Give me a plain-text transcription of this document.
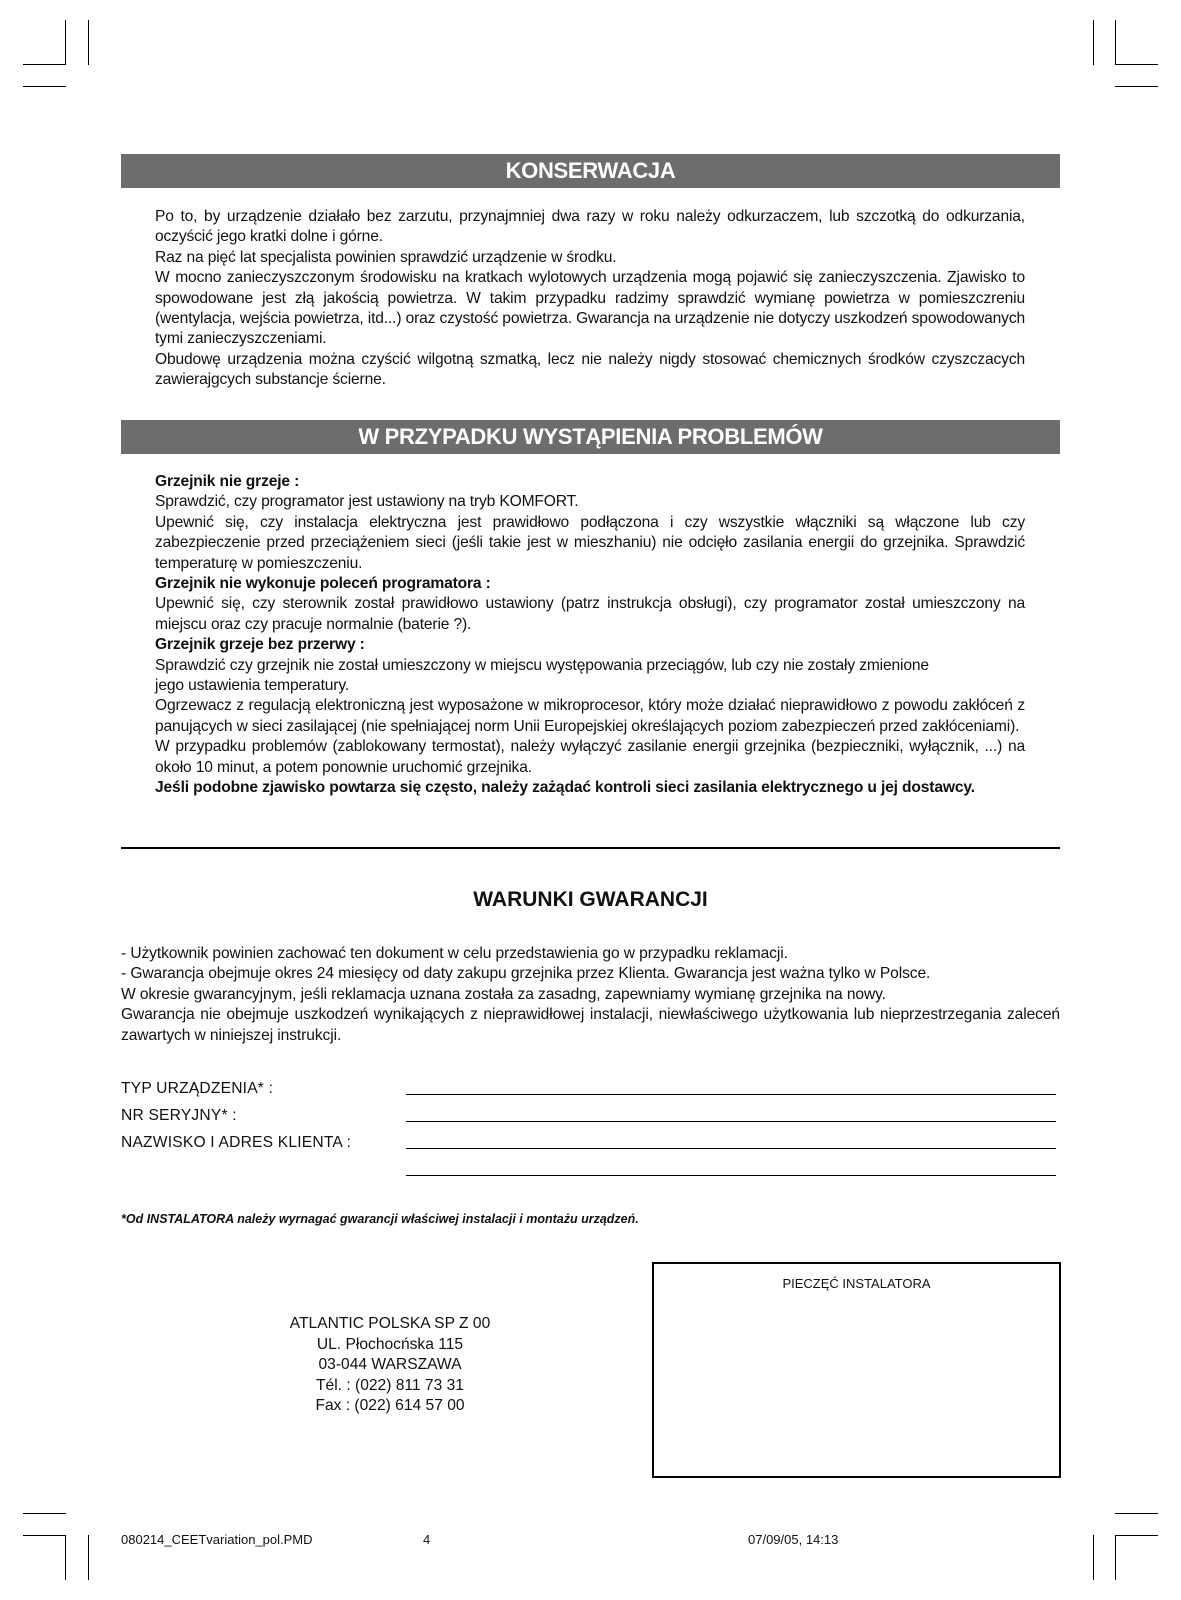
KONSERWACJA

Po to, by urządzenie działało bez zarzutu, przynajmniej dwa razy w roku należy odkurzaczem, lub szczotką do odkurzania, oczyścić jego kratki dolne i górne.

Raz na pięć lat specjalista powinien sprawdzić urządzenie w środku.

W mocno zanieczyszczonym środowisku na kratkach wylotowych urządzenia mogą pojawić się zanieczyszczenia. Zjawisko to spowodowane jest złą jakością powietrza. W takim przypadku radzimy sprawdzić wymianę powietrza w pomieszczreniu (wentylacja, wejścia powietrza, itd...) oraz czystość powietrza. Gwarancja na urządzenie nie dotyczy uszkodzeń spowodowanych tymi zanieczyszczeniami.

Obudowę urządzenia można czyścić wilgotną szmatką, lecz nie należy nigdy stosować chemicznych środków czyszczacych zawierajgcych substancje ścierne.

W PRZYPADKU WYSTĄPIENIA PROBLEMÓW

Grzejnik nie grzeje :

Sprawdzić, czy programator jest ustawiony na tryb KOMFORT.

Upewnić się, czy instalacja elektryczna jest prawidłowo podłączona i czy wszystkie włączniki są włączone lub czy zabezpieczenie przed przeciążeniem sieci (jeśli takie jest w mieszhaniu) nie odcięło zasilania energii do grzejnika. Sprawdzić temperaturę w pomieszczeniu.

Grzejnik nie wykonuje poleceń programatora :

Upewnić się, czy sterownik został prawidłowo ustawiony (patrz instrukcja obsługi), czy programator został umieszczony na miejscu oraz czy pracuje normalnie (baterie ?).

Grzejnik grzeje bez przerwy :

Sprawdzić czy grzejnik nie został umieszczony w miejscu występowania przeciągów, lub czy nie zostały zmienione

jego ustawienia temperatury.

Ogrzewacz z regulacją elektroniczną jest wyposażone w mikroprocesor, który może działać nieprawidłowo z powodu zakłóceń z panujących w sieci zasilającej (nie spełniającej norm Unii Europejskiej określających poziom zabezpieczeń przed zakłóceniami).

W przypadku problemów (zablokowany termostat), należy wyłączyć zasilanie energii grzejnika (bezpieczniki, wyłącznik, ...) na około 10 minut, a potem ponownie uruchomić grzejnika.

Jeśli podobne zjawisko powtarza się często, należy zażądać kontroli sieci zasilania elektrycznego u jej dostawcy.

WARUNKI GWARANCJI

- Użytkownik powinien zachować ten dokument w celu przedstawienia go w przypadku reklamacji.

- Gwarancja obejmuje okres 24 miesięcy od daty zakupu grzejnika przez Klienta. Gwarancja jest ważna tylko w Polsce.

W okresie gwarancyjnym, jeśli reklamacja uznana została za zasadng, zapewniamy wymianę grzejnika na nowy.

Gwarancja nie obejmuje uszkodzeń wynikających z nieprawidłowej instalacji, niewłaściwego użytkowania lub nieprzestrzegania zaleceń zawartych w niniejszej instrukcji.

TYP URZĄDZENIA* :
NR SERYJNY* :
NAZWISKO I ADRES KLIENTA :
*Od INSTALATORA należy wyrnagać gwarancji właściwej instalacji i montażu urządzeń.
ATLANTIC POLSKA SP Z 00
UL. Płochocńska 115
03-044 WARSZAWA
Tél. : (022) 811 73 31
Fax : (022) 614 57 00
PIECZĘĆ INSTALATORA
080214_CEETvariation_pol.PMD	4	07/09/05, 14:13
